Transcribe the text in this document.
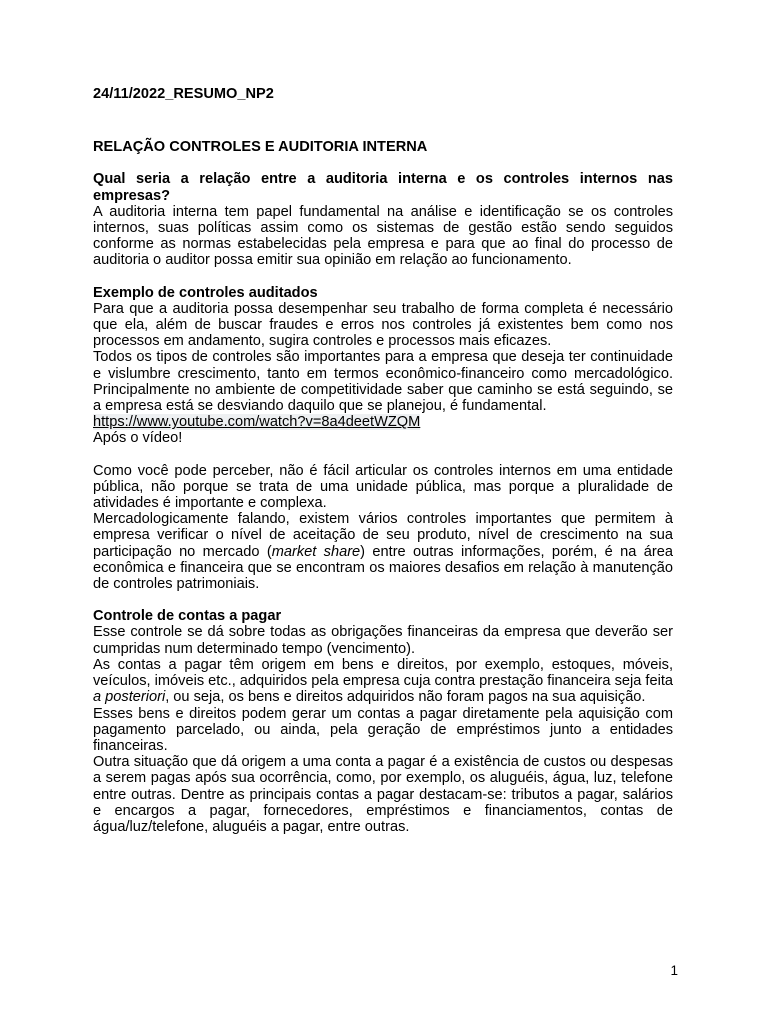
24/11/2022_RESUMO_NP2

RELAÇÃO CONTROLES E AUDITORIA INTERNA

Qual seria a relação entre a auditoria interna e os controles internos nas empresas?

A auditoria interna tem papel fundamental na análise e identificação se os controles internos, suas políticas assim como os sistemas de gestão estão sendo seguidos conforme as normas estabelecidas pela empresa e para que ao final do processo de auditoria o auditor possa emitir sua opinião em relação ao funcionamento.

Exemplo de controles auditados

Para que a auditoria possa desempenhar seu trabalho de forma completa é necessário que ela, além de buscar fraudes e erros nos controles já existentes bem como nos processos em andamento, sugira controles e processos mais eficazes.

Todos os tipos de controles são importantes para a empresa que deseja ter continuidade e vislumbre crescimento, tanto em termos econômico-financeiro como mercadológico. Principalmente no ambiente de competitividade saber que caminho se está seguindo, se a empresa está se desviando daquilo que se planejou, é fundamental.

https://www.youtube.com/watch?v=8a4deetWZQM

Após o vídeo!

Como você pode perceber, não é fácil articular os controles internos em uma entidade pública, não porque se trata de uma unidade pública, mas porque a pluralidade de atividades é importante e complexa.

Mercadologicamente falando, existem vários controles importantes que permitem à empresa verificar o nível de aceitação de seu produto, nível de crescimento na sua participação no mercado (market share) entre outras informações, porém, é na área econômica e financeira que se encontram os maiores desafios em relação à manutenção de controles patrimoniais.

Controle de contas a pagar

Esse controle se dá sobre todas as obrigações financeiras da empresa que deverão ser cumpridas num determinado tempo (vencimento).

As contas a pagar têm origem em bens e direitos, por exemplo, estoques, móveis, veículos, imóveis etc., adquiridos pela empresa cuja contra prestação financeira seja feita a posteriori, ou seja, os bens e direitos adquiridos não foram pagos na sua aquisição.

Esses bens e direitos podem gerar um contas a pagar diretamente pela aquisição com pagamento parcelado, ou ainda, pela geração de empréstimos junto a entidades financeiras.

Outra situação que dá origem a uma conta a pagar é a existência de custos ou despesas a serem pagas após sua ocorrência, como, por exemplo, os aluguéis, água, luz, telefone entre outras. Dentre as principais contas a pagar destacam-se: tributos a pagar, salários e encargos a pagar, fornecedores, empréstimos e financiamentos, contas de água/luz/telefone, aluguéis a pagar, entre outras.

1
